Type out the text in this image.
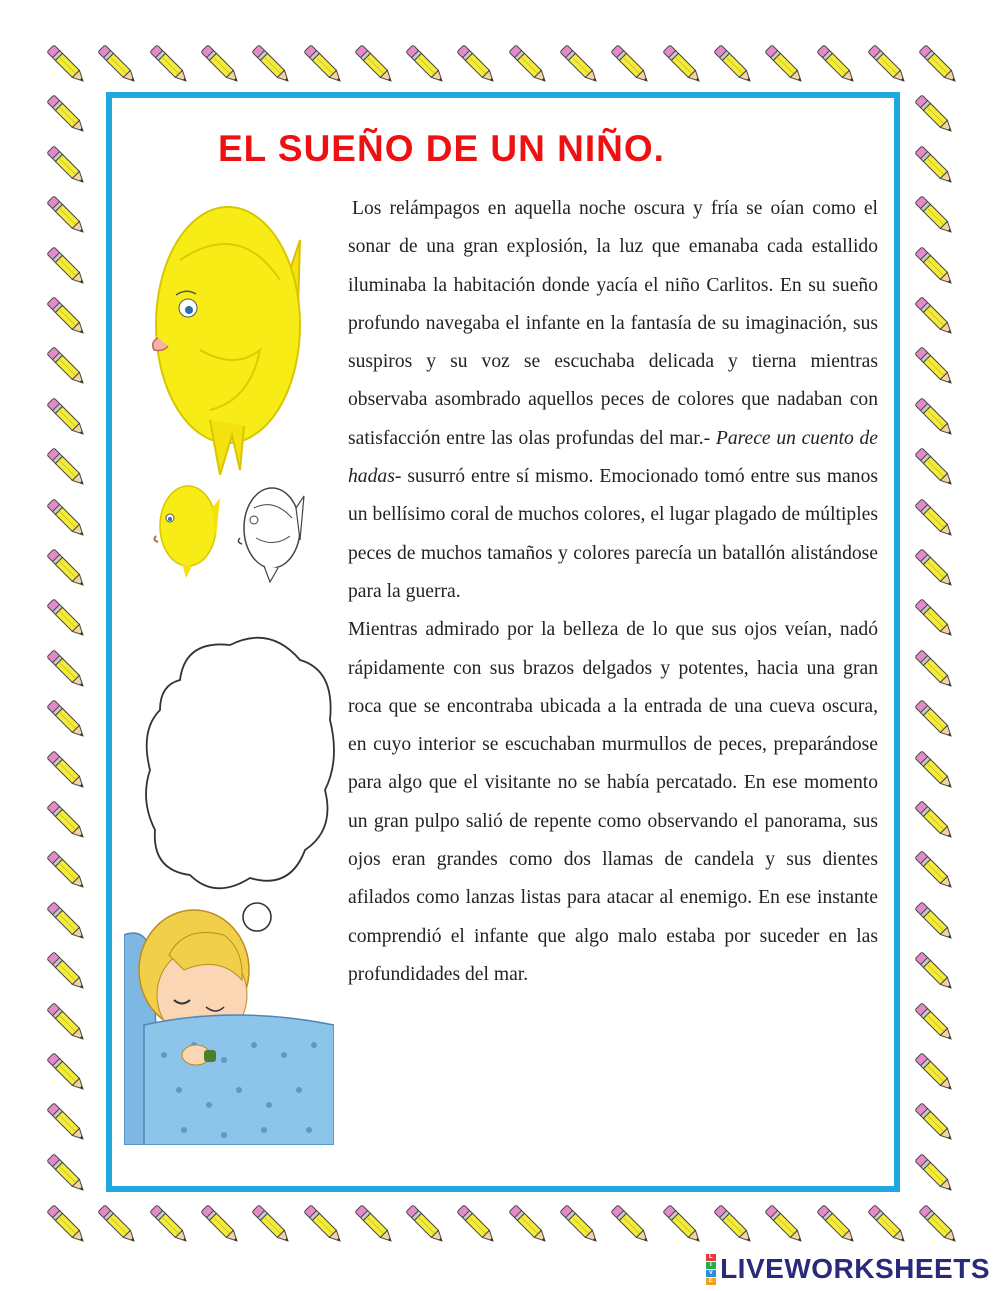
EL SUEÑO DE UN NIÑO.

Los relámpagos en aquella noche oscura y fría se oían como el sonar de una gran explosión, la luz que emanaba cada estallido iluminaba la habitación donde yacía el niño Carlitos. En su sueño profundo navegaba el infante en la fantasía de su imaginación, sus suspiros y su voz se escuchaba delicada y tierna mientras observaba asombrado aquellos peces de colores que nadaban con satisfacción entre las olas profundas del mar.- Parece un cuento de hadas- susurró entre sí mismo. Emocionado tomó entre sus manos un bellísimo coral de muchos colores, el lugar plagado de múltiples peces de muchos tamaños y colores parecía un batallón alistándose para la guerra.

Mientras admirado por la belleza de lo que sus ojos veían, nadó rápidamente con sus brazos delgados y potentes, hacia una gran roca que se encontraba ubicada a la entrada de una cueva oscura, en cuyo interior se escuchaban murmullos de peces, preparándose para algo que el visitante no se había percatado. En ese momento un gran pulpo salió de repente como observando el panorama, sus ojos eran grandes como dos llamas de candela y sus dientes afilados como lanzas listas para atacar al enemigo. En ese instante comprendió el infante que algo malo estaba por suceder en las profundidades del mar.

L
I
V
E LIVEWORKSHEETS
